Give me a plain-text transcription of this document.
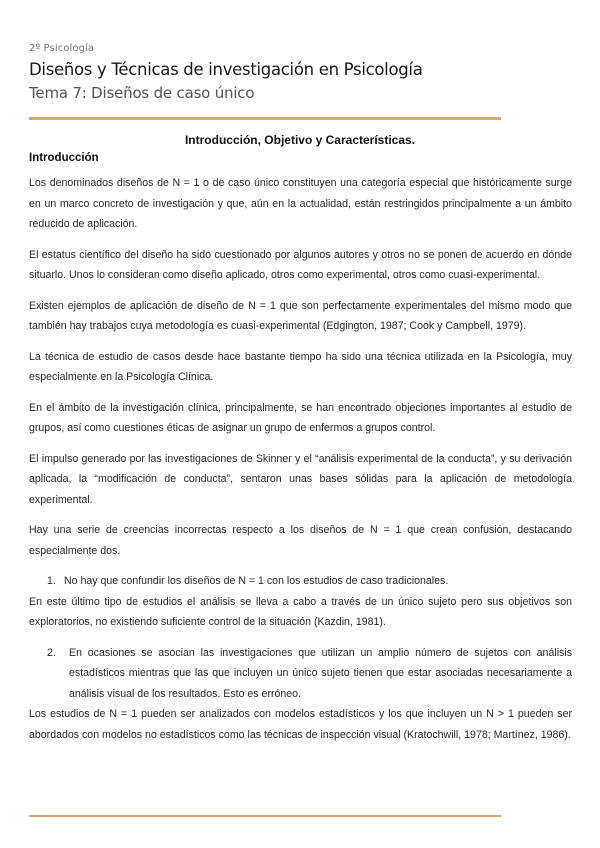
2º Psicología
Diseños y Técnicas de investigación en Psicología
Tema 7: Diseños de caso único
Introducción, Objetivo y Características.
Introducción

Los denominados diseños de N = 1 o de caso único constituyen una categoría especial que históricamente surge en un marco concreto de investigación y que, aún en la actualidad, están restringidos principalmente a un ámbito reducido de aplicación.

El estatus científico del diseño ha sido cuestionado por algunos autores y otros no se ponen de acuerdo en dónde situarlo. Unos lo consideran como diseño aplicado, otros como experimental, otros como cuasi-experimental.

Existen ejemplos de aplicación de diseño de N = 1 que son perfectamente experimentales del mismo modo que también hay trabajos cuya metodología es cuasi-experimental (Edgington, 1987; Cook y Campbell, 1979).

La técnica de estudio de casos desde hace bastante tiempo ha sido una técnica utilizada en la Psicología, muy especialmente en la Psicología Clínica.

En el ámbito de la investigación clínica, principalmente, se han encontrado objeciones importantes al estudio de grupos, así como cuestiones éticas de asignar un grupo de enfermos a grupos control.

El impulso generado por las investigaciones de Skinner y el “análisis experimental de la conducta”, y su derivación aplicada, la “modificación de conducta”, sentaron unas bases sólidas para la aplicación de metodología experimental.

Hay una serie de creencias incorrectas respecto a los diseños de N = 1 que crean confusión, destacando especialmente dos.

1. No hay que confundir los diseños de N = 1 con los estudios de caso tradicionales.

En este último tipo de estudios el análisis se lleva a cabo a través de un único sujeto pero sus objetivos son exploratorios, no existiendo suficiente control de la situación (Kazdin, 1981).

2.	En ocasiones se asocian las investigaciones que utilizan un amplio número de sujetos con análisis estadísticos mientras que las que incluyen un único sujeto tienen que estar asociadas necesariamente a análisis visual de los resultados. Esto es erróneo.

Los estudios de N = 1 pueden ser analizados con modelos estadísticos y los que incluyen un N > 1 pueden ser abordados con modelos no estadísticos como las técnicas de inspección visual (Kratochwill, 1978; Martínez, 1986).
